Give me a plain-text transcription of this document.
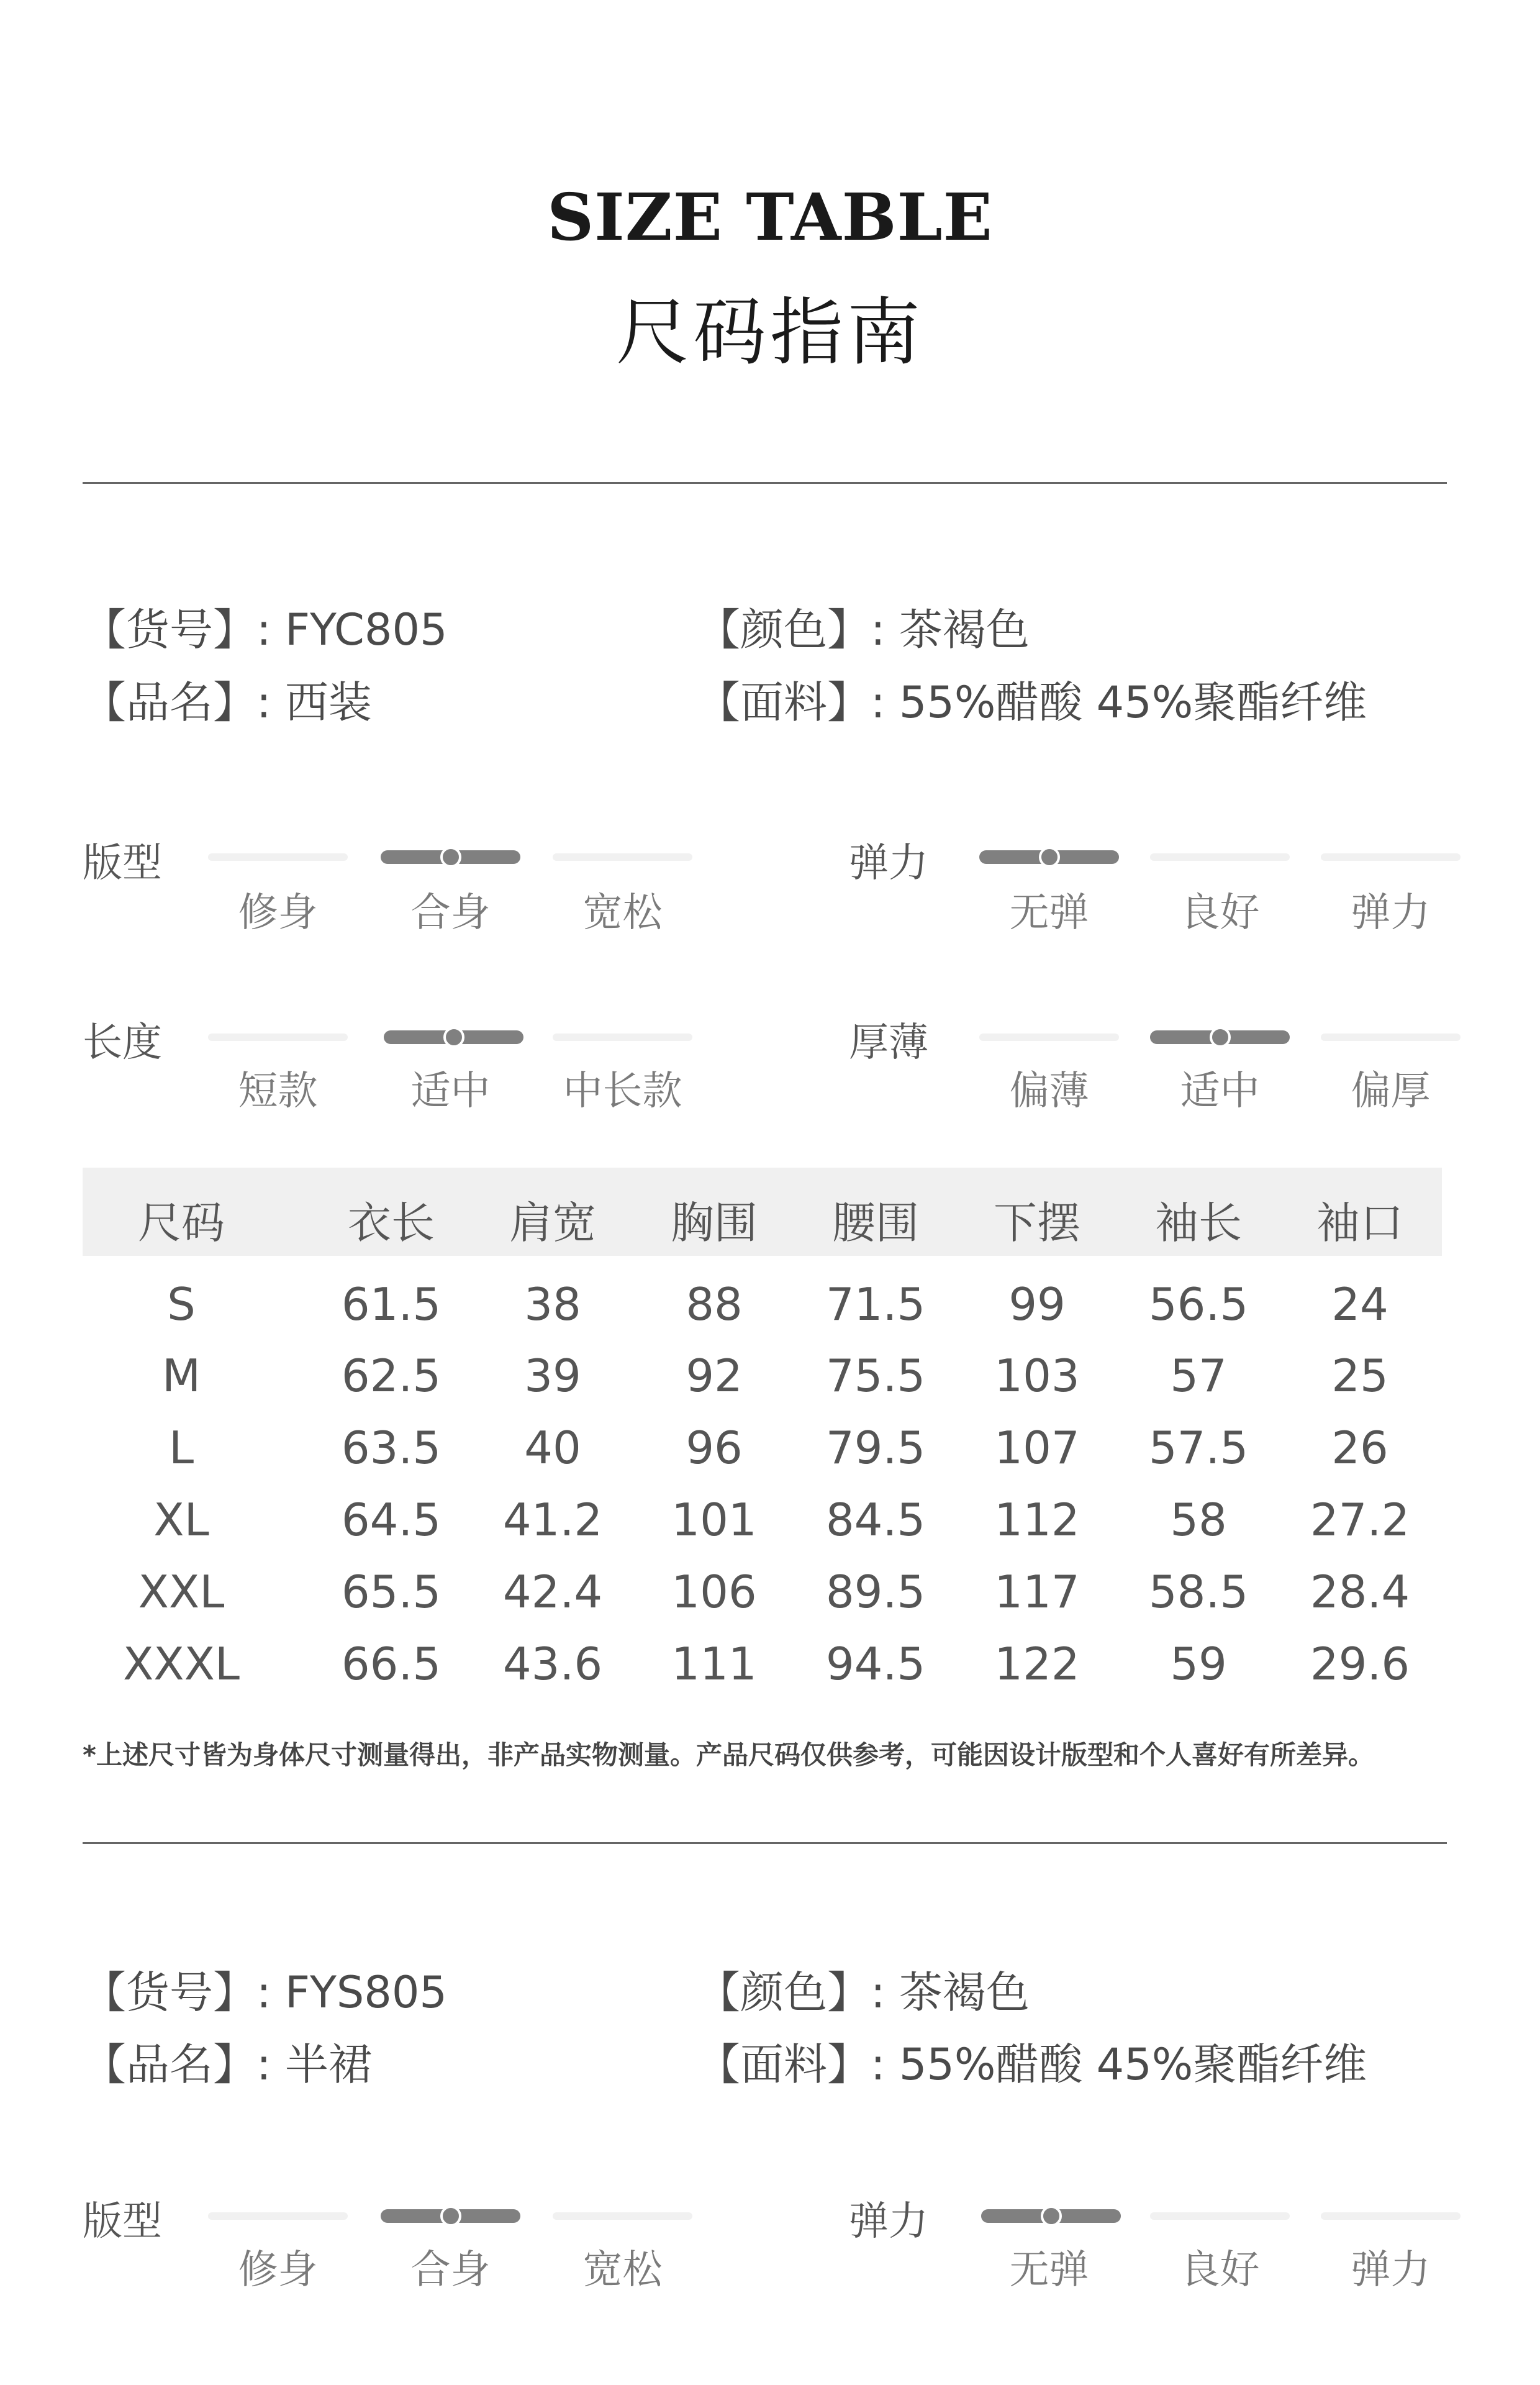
SIZE TABLE
尺码指南
【货号】: FYC805	【颜色】: 茶褐色
【品名】: 西装	【面料】: 55%醋酸 45%聚酯纤维
版型
修身	合身	宽松
弹力
无弹	良好	弹力
长度
短款	适中	中长款
厚薄
偏薄	适中	偏厚
尺码	衣长	肩宽	胸围	腰围	下摆	袖长	袖口
S	61.5	38	88	71.5	99	56.5	24
M	62.5	39	92	75.5	103	57	25
L	63.5	40	96	79.5	107	57.5	26
XL	64.5	41.2	101	84.5	112	58	27.2
XXL	65.5	42.4	106	89.5	117	58.5	28.4
XXXL	66.5	43.6	111	94.5	122	59	29.6
*上述尺寸皆为身体尺寸测量得出，非产品实物测量。产品尺码仅供参考，可能因设计版型和个人喜好有所差异。
【货号】: FYS805	【颜色】: 茶褐色
【品名】: 半裙	【面料】: 55%醋酸 45%聚酯纤维
版型
修身	合身	宽松
弹力
无弹	良好	弹力
